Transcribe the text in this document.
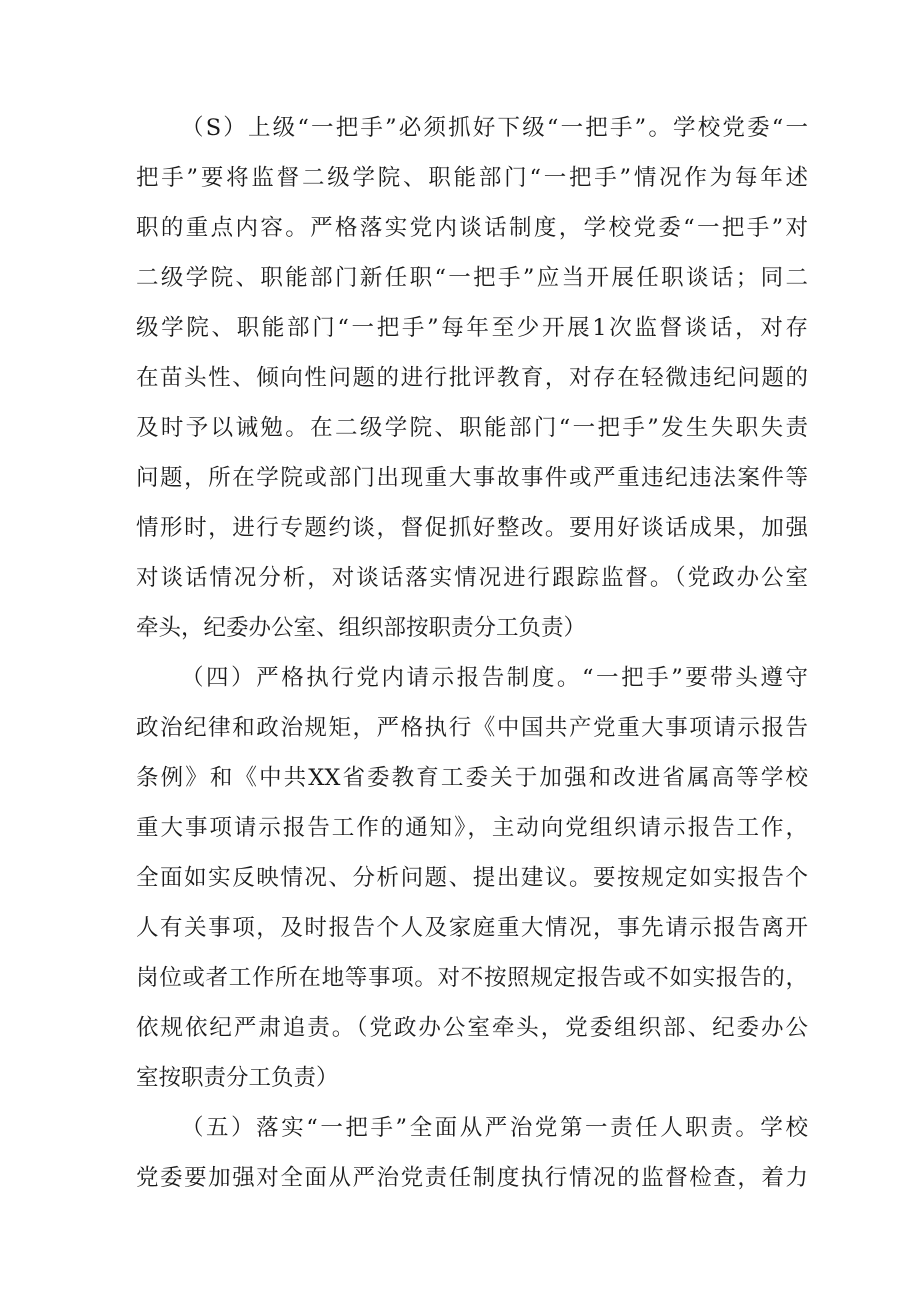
（S）上级“一把手”必须抓好下级“一把手”。学校党委“一
把手”要将监督二级学院、职能部门“一把手”情况作为每年述
职的重点内容。严格落实党内谈话制度，学校党委“一把手”对
二级学院、职能部门新任职“一把手”应当开展任职谈话；同二
级学院、职能部门“一把手”每年至少开展1次监督谈话，对存
在苗头性、倾向性问题的进行批评教育，对存在轻微违纪问题的
及时予以诫勉。在二级学院、职能部门“一把手”发生失职失责
问题，所在学院或部门出现重大事故事件或严重违纪违法案件等
情形时，进行专题约谈，督促抓好整改。要用好谈话成果，加强
对谈话情况分析，对谈话落实情况进行跟踪监督。（党政办公室
牵头，纪委办公室、组织部按职责分工负责）
（四）严格执行党内请示报告制度。“一把手”要带头遵守
政治纪律和政治规矩，严格执行《中国共产党重大事项请示报告
条例》和《中共XX省委教育工委关于加强和改进省属高等学校
重大事项请示报告工作的通知》，主动向党组织请示报告工作，
全面如实反映情况、分析问题、提出建议。要按规定如实报告个
人有关事项，及时报告个人及家庭重大情况，事先请示报告离开
岗位或者工作所在地等事项。对不按照规定报告或不如实报告的，
依规依纪严肃追责。（党政办公室牵头，党委组织部、纪委办公
室按职责分工负责）
（五）落实“一把手”全面从严治党第一责任人职责。学校
党委要加强对全面从严治党责任制度执行情况的监督检查，着力
